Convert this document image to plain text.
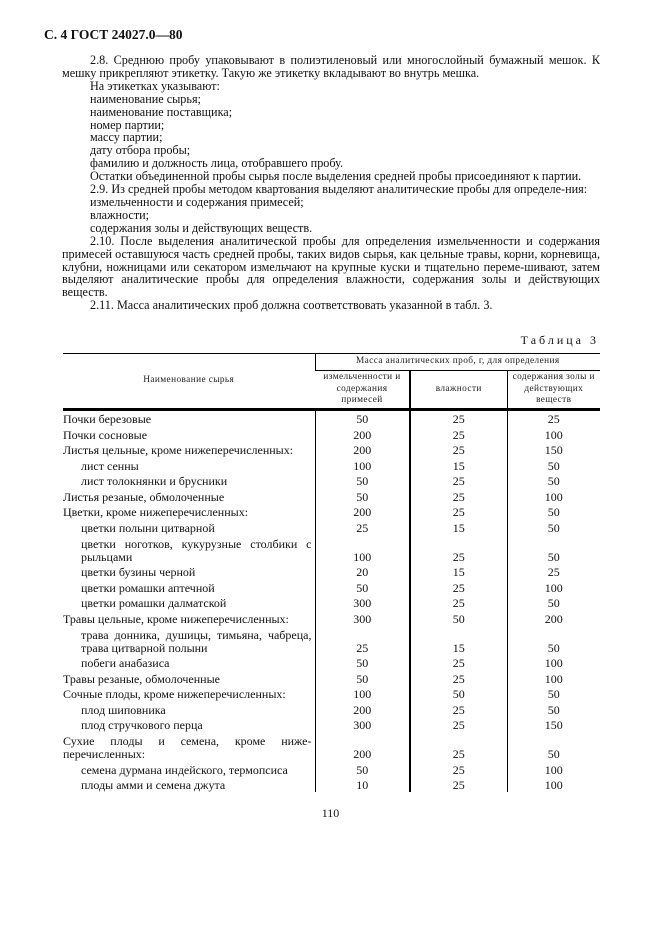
С. 4 ГОСТ 24027.0—80

2.8. Среднюю пробу упаковывают в полиэтиленовый или многослойный бумажный мешок. К мешку прикрепляют этикетку. Такую же этикетку вкладывают во внутрь мешка.

На этикетках указывают:

наименование сырья;

наименование поставщика;

номер партии;

массу партии;

дату отбора пробы;

фамилию и должность лица, отобравшего пробу.

Остатки объединенной пробы сырья после выделения средней пробы присоединяют к партии.

2.9. Из средней пробы методом квартования выделяют аналитические пробы для определе-ния:

измельченности и содержания примесей;

влажности;

содержания золы и действующих веществ.

2.10. После выделения аналитической пробы для определения измельченности и содержания примесей оставшуюся часть средней пробы, таких видов сырья, как цельные травы, корни, корневища, клубни, ножницами или секатором измельчают на крупные куски и тщательно переме-шивают, затем выделяют аналитические пробы для определения влажности, содержания золы и действующих веществ.

2.11. Масса аналитических проб должна соответствовать указанной в табл. 3.

Таблица 3
Наименование сырья	Масса аналитических проб, г, для определения		
	измельченности и содержания примесей	влажности	содержания золы и действующих веществ
Почки березовые	50	25	25
Почки сосновые	200	25	100
Листья цельные, кроме нижеперечисленных:	200	25	150
лист сенны	100	15	50
лист толокнянки и брусники	50	25	50
Листья резаные, обмолоченные	50	25	100
Цветки, кроме нижеперечисленных:	200	25	50
цветки полыни цитварной	25	15	50
цветки ноготков, кукурузные столбики с рыльцами	100	25	50
цветки бузины черной	20	15	25
цветки ромашки аптечной	50	25	100
цветки ромашки далматской	300	25	50
Травы цельные, кроме нижеперечисленных:	300	50	200
трава донника, душицы, тимьяна, чабреца, трава цитварной полыни	25	15	50
побеги анабазиса	50	25	100
Травы резаные, обмолоченные	50	25	100
Сочные плоды, кроме нижеперечисленных:	100	50	50
плод шиповника	200	25	50
плод стручкового перца	300	25	150
Сухие плоды и семена, кроме ниже-перечисленных:	200	25	50
семена дурмана индейского, термопсиса	50	25	100
плоды амми и семена джута	10	25	100
110
